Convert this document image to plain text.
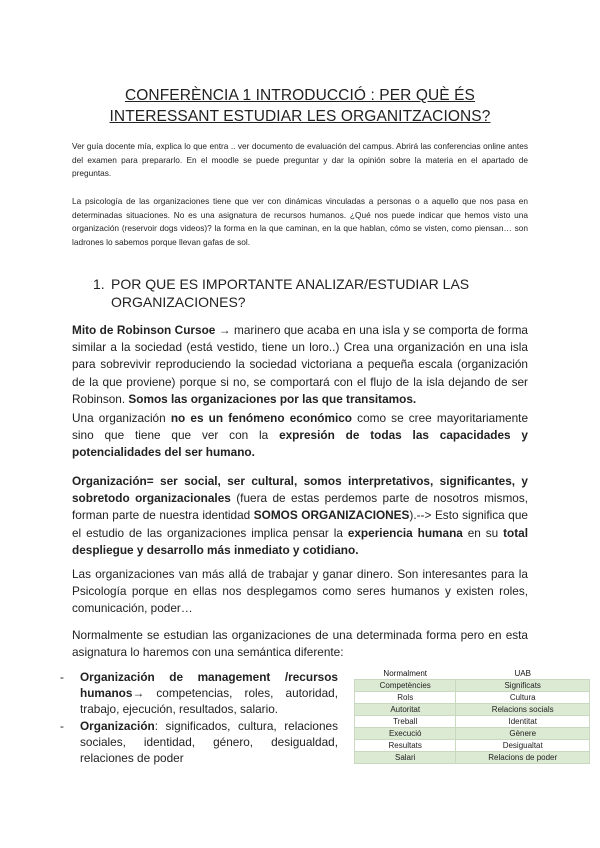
CONFERÈNCIA 1 INTRODUCCIÓ : PER QUÈ ÉS
INTERESSANT ESTUDIAR LES ORGANITZACIONS?
Ver guía docente mía, explica lo que entra .. ver documento de evaluación del campus. Abrirá las conferencias online antes del examen para prepararlo. En el moodle se puede preguntar y dar la opinión sobre la materia en el apartado de preguntas.
La psicología de las organizaciones tiene que ver con dinámicas vinculadas a personas o a aquello que nos pasa en determinadas situaciones. No es una asignatura de recursos humanos. ¿Qué nos puede indicar que hemos visto una organización (reservoir dogs videos)? la forma en la que caminan, en la que hablan, cómo se visten, como piensan… son ladrones lo sabemos porque llevan gafas de sol.
1. POR QUE ES IMPORTANTE ANALIZAR/ESTUDIAR LAS ORGANIZACIONES?
Mito de Robinson Cursoe → marinero que acaba en una isla y se comporta de forma similar a la sociedad (está vestido, tiene un loro..) Crea una organización en una isla para sobrevivir reproduciendo la sociedad victoriana a pequeña escala (organización de la que proviene) porque si no, se comportará con el flujo de la isla dejando de ser Robinson. Somos las organizaciones por las que transitamos.
Una organización no es un fenómeno económico como se cree mayoritariamente sino que tiene que ver con la expresión de todas las capacidades y potencialidades del ser humano.
Organización= ser social, ser cultural, somos interpretativos, significantes, y sobretodo organizacionales (fuera de estas perdemos parte de nosotros mismos, forman parte de nuestra identidad SOMOS ORGANIZACIONES).--> Esto significa que el estudio de las organizaciones implica pensar la experiencia humana en su total despliegue y desarrollo más inmediato y cotidiano.
Las organizaciones van más allá de trabajar y ganar dinero. Son interesantes para la Psicología porque en ellas nos desplegamos como seres humanos y existen roles, comunicación, poder…
Normalmente se estudian las organizaciones de una determinada forma pero en esta asignatura lo haremos con una semántica diferente:
- Organización de management /recursos humanos→ competencias, roles, autoridad, trabajo, ejecución, resultados, salario.
- Organización: significados, cultura, relaciones sociales, identidad, género, desigualdad, relaciones de poder
Normalment	UAB
Competències	Significats
Rols	Cultura
Autoritat	Relacions socials
Treball	Identitat
Execució	Gènere
Resultats	Desigualtat
Salari	Relacions de poder
